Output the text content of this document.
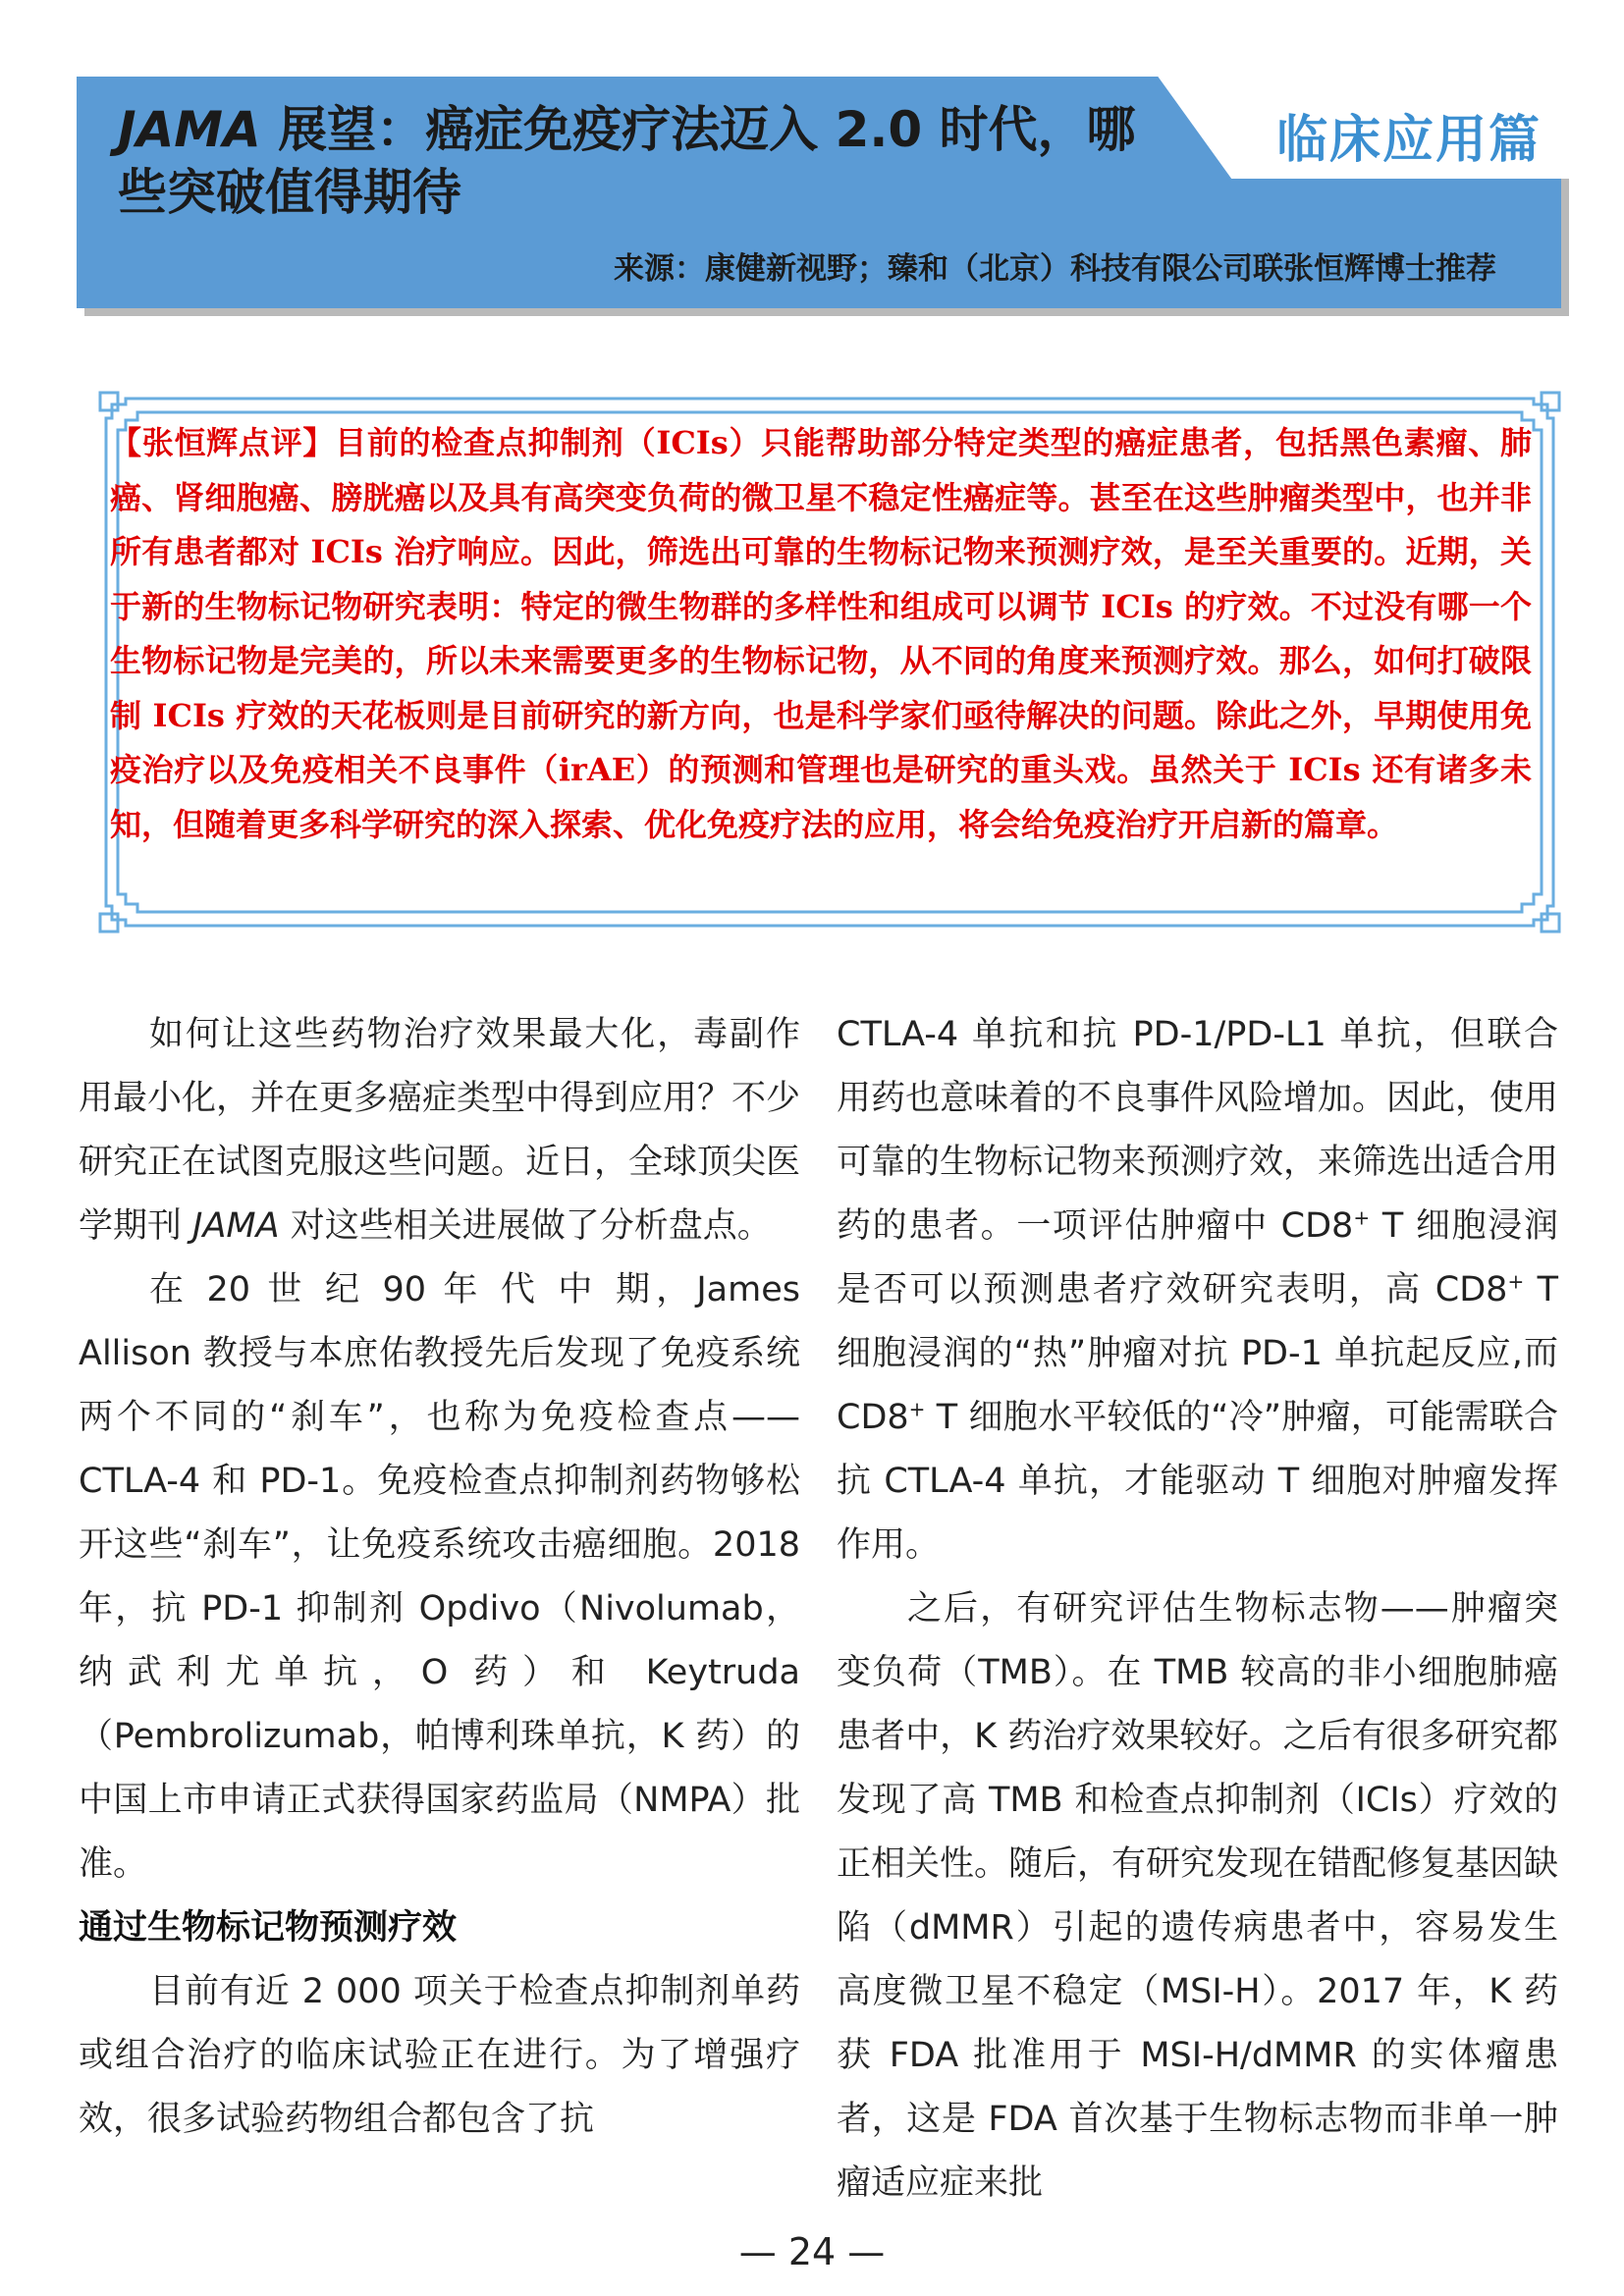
临床应用篇
JAMA 展望：癌症免疫疗法迈入 2.0 时代，哪些突破值得期待
来源：康健新视野；臻和（北京）科技有限公司联张恒辉博士推荐
【张恒辉点评】目前的检查点抑制剂（ICIs）只能帮助部分特定类型的癌症患者，包括黑色素瘤、肺癌、肾细胞癌、膀胱癌以及具有高突变负荷的微卫星不稳定性癌症等。甚至在这些肿瘤类型中，也并非所有患者都对 ICIs 治疗响应。因此，筛选出可靠的生物标记物来预测疗效，是至关重要的。近期，关于新的生物标记物研究表明：特定的微生物群的多样性和组成可以调节 ICIs 的疗效。不过没有哪一个生物标记物是完美的，所以未来需要更多的生物标记物，从不同的角度来预测疗效。那么，如何打破限制 ICIs 疗效的天花板则是目前研究的新方向，也是科学家们亟待解决的问题。除此之外，早期使用免疫治疗以及免疫相关不良事件（irAE）的预测和管理也是研究的重头戏。虽然关于 ICIs 还有诸多未知，但随着更多科学研究的深入探索、优化免疫疗法的应用，将会给免疫治疗开启新的篇章。

如何让这些药物治疗效果最大化，毒副作用最小化，并在更多癌症类型中得到应用？不少研究正在试图克服这些问题。近日，全球顶尖医学期刊 JAMA 对这些相关进展做了分析盘点。

在 20 世 纪 90 年 代 中 期，James Allison 教授与本庶佑教授先后发现了免疫系统两个不同的“刹车”，也称为免疫检查点——CTLA-4 和 PD-1。免疫检查点抑制剂药物够松开这些“刹车”，让免疫系统攻击癌细胞。2018 年，抗 PD-1 抑制剂 Opdivo（Nivolumab，纳武利尤单抗，O 药）和 Keytruda（Pembrolizumab，帕博利珠单抗，K 药）的中国上市申请正式获得国家药监局（NMPA）批准。

通过生物标记物预测疗效

目前有近 2 000 项关于检查点抑制剂单药或组合治疗的临床试验正在进行。为了增强疗效，很多试验药物组合都包含了抗

CTLA-4 单抗和抗 PD-1/PD-L1 单抗，但联合用药也意味着的不良事件风险增加。因此，使用可靠的生物标记物来预测疗效，来筛选出适合用药的患者。一项评估肿瘤中 CD8+ T 细胞浸润是否可以预测患者疗效研究表明，高 CD8+ T 细胞浸润的“热”肿瘤对抗 PD-1 单抗起反应,而 CD8+ T 细胞水平较低的“冷”肿瘤，可能需联合抗 CTLA-4 单抗，才能驱动 T 细胞对肿瘤发挥作用。

之后，有研究评估生物标志物——肿瘤突变负荷（TMB）。在 TMB 较高的非小细胞肺癌患者中，K 药治疗效果较好。之后有很多研究都发现了高 TMB 和检查点抑制剂（ICIs）疗效的正相关性。随后，有研究发现在错配修复基因缺陷（dMMR）引起的遗传病患者中，容易发生高度微卫星不稳定（MSI-H）。2017 年，K 药获 FDA 批准用于 MSI-H/dMMR 的实体瘤患者，这是 FDA 首次基于生物标志物而非单一肿瘤适应症来批

— 24 —
